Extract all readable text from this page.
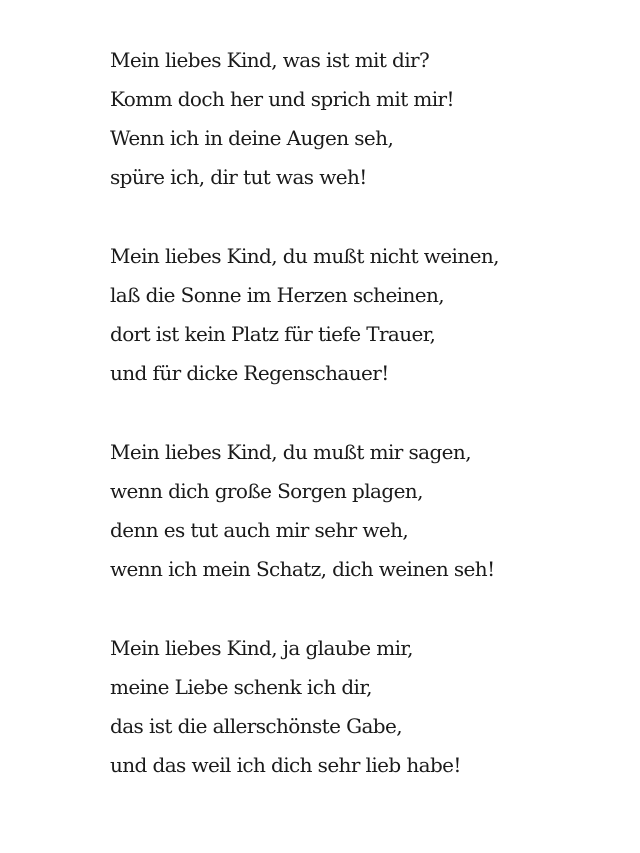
Mein liebes Kind, was ist mit dir?
Komm doch her und sprich mit mir!
Wenn ich in deine Augen seh,
spüre ich, dir tut was weh!
Mein liebes Kind, du mußt nicht weinen,
laß die Sonne im Herzen scheinen,
dort ist kein Platz für tiefe Trauer,
und für dicke Regenschauer!
Mein liebes Kind, du mußt mir sagen,
wenn dich große Sorgen plagen,
denn es tut auch mir sehr weh,
wenn ich mein Schatz, dich weinen seh!
Mein liebes Kind, ja glaube mir,
meine Liebe schenk ich dir,
das ist die allerschönste Gabe,
und das weil ich dich sehr lieb habe!
